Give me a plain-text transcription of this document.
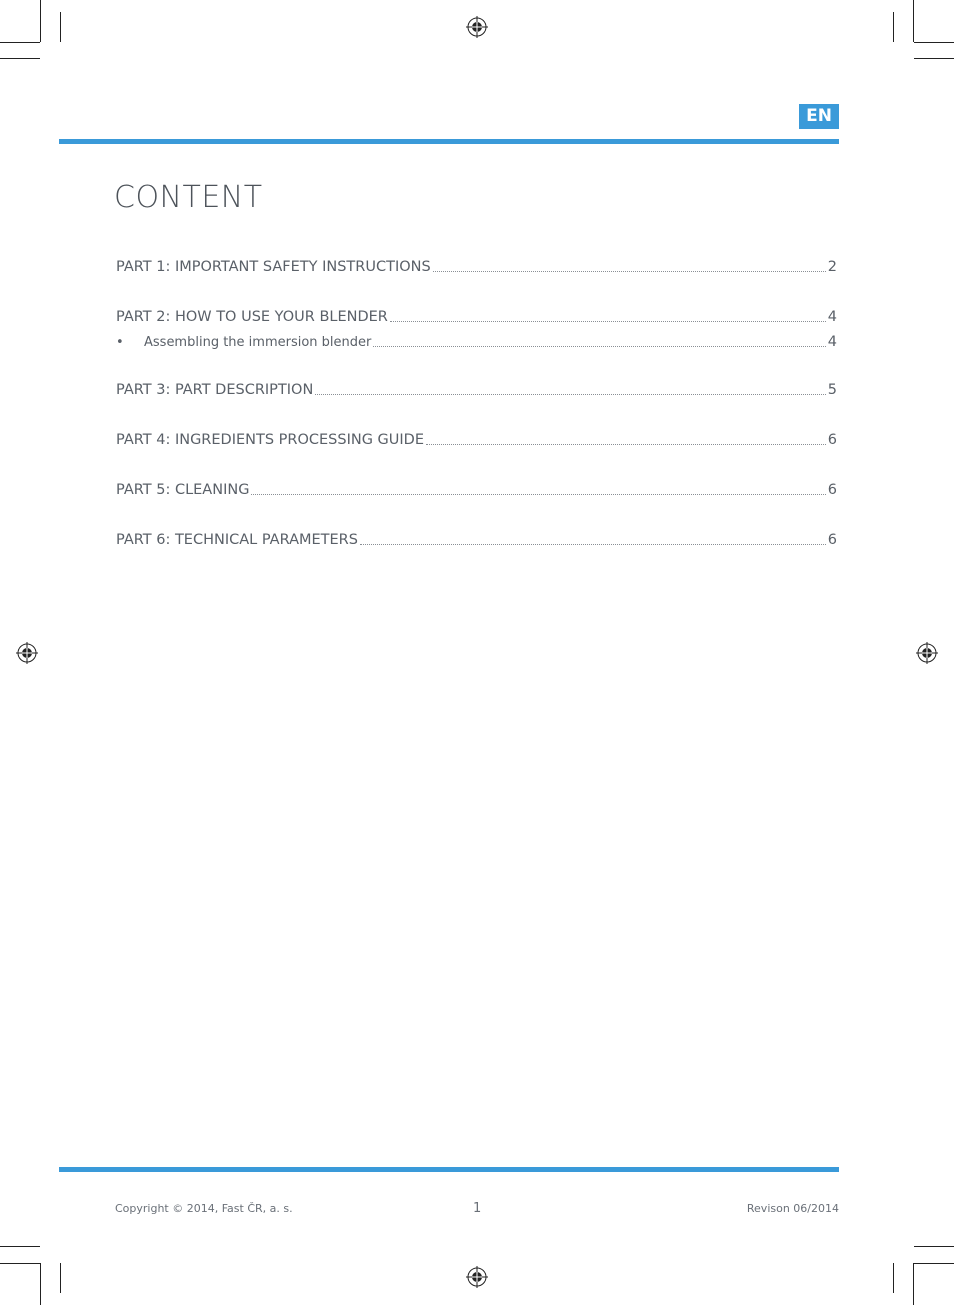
EN
CONTENT
PART 1: IMPORTANT SAFETY INSTRUCTIONS	2
PART 2: HOW TO USE YOUR BLENDER	4
•	Assembling the immersion blender	4
PART 3: PART DESCRIPTION	5
PART 4: INGREDIENTS PROCESSING GUIDE	6
PART 5: CLEANING	6
PART 6: TECHNICAL PARAMETERS	6
Copyright © 2014, Fast ČR, a. s.	1	Revison 06/2014
